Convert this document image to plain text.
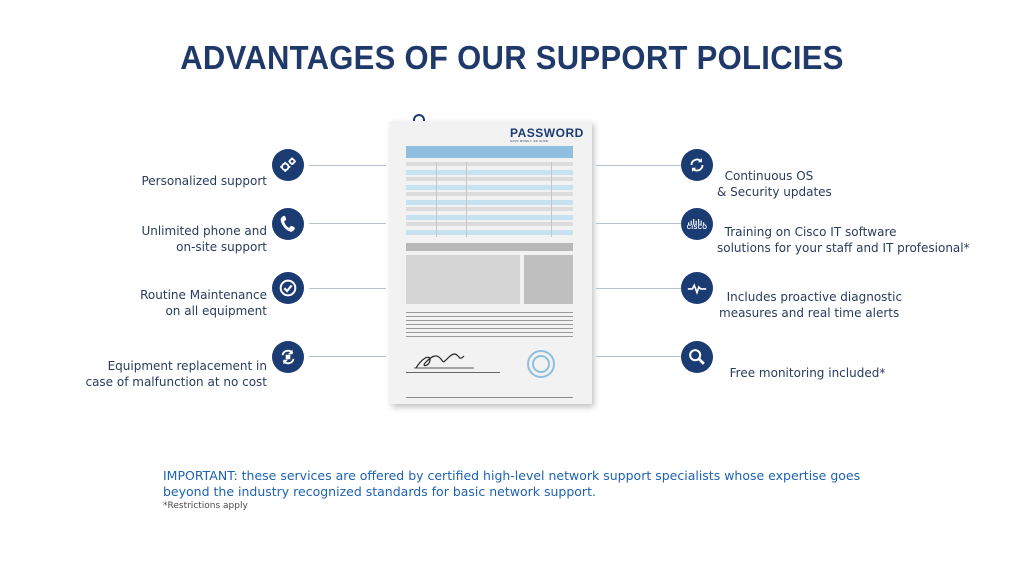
ADVANTAGES OF OUR SUPPORT POLICIES

Personalized support

Unlimited phone and
on-site support

Routine Maintenance
on all equipment

Equipment replacement in
case of malfunction at no cost

PASSWORD
SAVE MONEY. BE SURE

Continuous OS
& Security updates

CISCO	Training on Cisco IT software
solutions for your staff and IT profesional*

Includes proactive diagnostic
measures and real time alerts

Free monitoring included*

IMPORTANT: these services are offered by certified high-level network support specialists whose expertise goes beyond the industry recognized standards for basic network support.
*Restrictions apply
